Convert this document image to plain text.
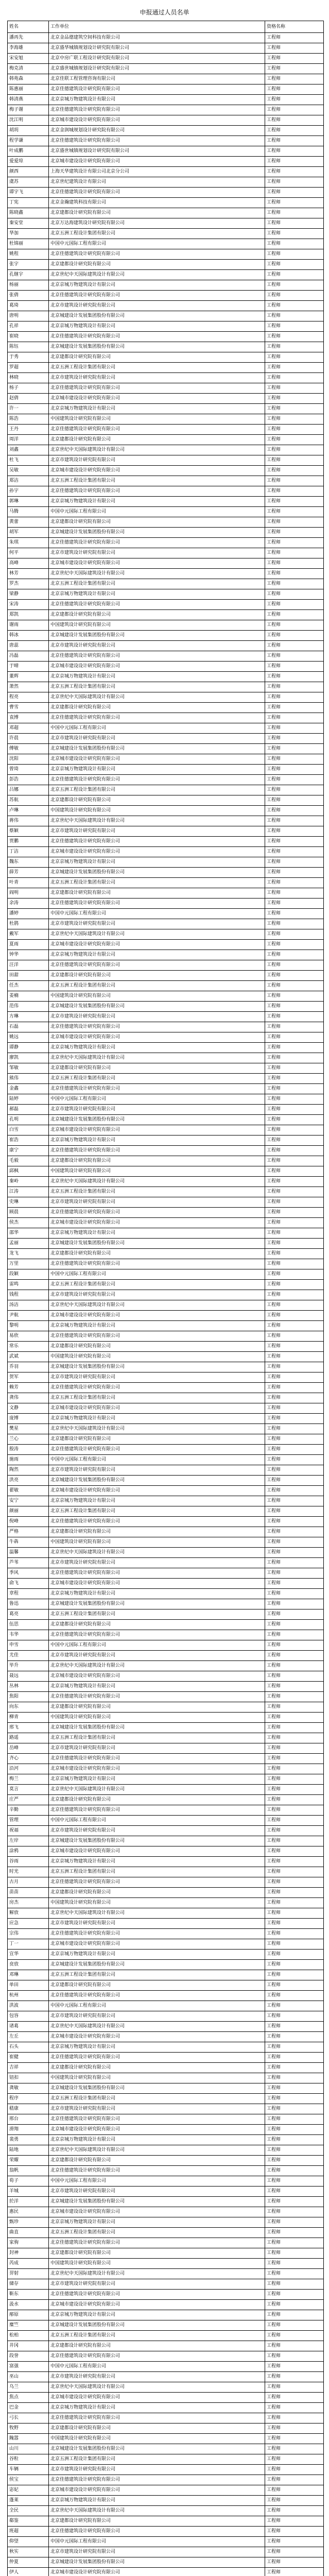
申报通过人员名单
姓名	工作单位	资格名称
潘再先	北京金品德建筑空间科技有限公司	工程师
李海雄	北京盛华城镇规划设计研究院有限公司	工程师
宋安旭	北京中房广联工程设计研究院有限公司	工程师
梅克清	北京盛世城镇规划设计研究院有限公司	工程师
韩苑森	北京佳联工程管理咨询有限公司	工程师
陈惠丽	北京佳德建筑设计研究院有限公司	工程师
韩清燕	北京京城万物建筑设计有限公司	工程师
梅子谢	北京佳德建筑设计研究院有限公司	工程师
沈江明	北京城市建设设计研究院有限公司	工程师
胡玥	北京金润城规划设计研究院有限公司	工程师
程学谦	北京佳德建筑设计研究院有限公司	工程师
叶成鹏	北京盛世城镇规划设计研究院有限公司	工程师
爱爱琼	北京城市建设设计研究院有限公司	工程师
颜西	上海天华建筑设计有限公司北京分公司	工程师
虞苏	北京世纪建筑设计有限公司	工程师
谭宇飞	北京佳德建筑设计研究院有限公司	工程师
丁宪	北京金瀚建筑科技有限公司	工程师
陈晓鑫	北京建都设计研究院有限公司	工程师
秦安堂	北京万达海建筑设计研究院有限公司	工程师
华加	北京五洲工程设计集团有限公司	工程师
杜锦丽	中国中元国际工程有限公司	工程师
姚程	北京佳德建筑设计研究院有限公司	工程师
张宇	北京建都设计研究院有限公司	工程师
孔继宇	北京世纪中天国际建筑设计有限公司	工程师
杨丽	北京京城万物建筑设计有限公司	工程师
张倩	北京佳德建筑设计研究院有限公司	工程师
葛琦	北京市建筑设计研究院有限公司	工程师
唐明	北京城建设计发展集团股份有限公司	工程师
孔祥	北京京城万物建筑设计有限公司	工程师
崔晓	北京佳德建筑设计研究院有限公司	工程师
陈钰	北京城建设计发展集团股份有限公司	工程师
于秀	北京建都设计研究院有限公司	工程师
罗超	北京五洲工程设计集团有限公司	工程师
林晓	北京市建筑设计研究院有限公司	工程师
杨子	北京佳德建筑设计研究院有限公司	工程师
赵倩	北京城市建设设计研究院有限公司	工程师
许一	北京京城万物建筑设计有限公司	工程师
陈浩	中国建筑设计研究院有限公司	工程师
王丹	北京佳德建筑设计研究院有限公司	工程师
周洋	北京建都设计研究院有限公司	工程师
刘鑫	北京世纪中天国际建筑设计有限公司	工程师
杜飞	北京市建筑设计研究院有限公司	工程师
吴敏	北京城市建设设计研究院有限公司	工程师
郑洁	北京五洲工程设计集团有限公司	工程师
孙宇	北京佳德建筑设计研究院有限公司	工程师
郭琳	北京京城万物建筑设计有限公司	工程师
马腾	中国中元国际工程有限公司	工程师
黄蕾	北京建都设计研究院有限公司	工程师
胡军	北京城建设计发展集团股份有限公司	工程师
朱琪	北京佳德建筑设计研究院有限公司	工程师
何平	北京市建筑设计研究院有限公司	工程师
高峰	北京城市建设设计研究院有限公司	工程师
林芳	北京世纪中天国际建筑设计有限公司	工程师
罗杰	北京五洲工程设计集团有限公司	工程师
梁静	北京京城万物建筑设计有限公司	工程师
宋涛	北京佳德建筑设计研究院有限公司	工程师
郑凯	北京建都设计研究院有限公司	工程师
谢雨	中国建筑设计研究院有限公司	工程师
韩冰	北京城建设计发展集团股份有限公司	工程师
唐蕊	北京市建筑设计研究院有限公司	工程师
冯磊	北京佳德建筑设计研究院有限公司	工程师
于晴	北京城市建设设计研究院有限公司	工程师
董辉	北京京城万物建筑设计有限公司	工程师
萧然	北京五洲工程设计集团有限公司	工程师
程亮	北京世纪中天国际建筑设计有限公司	工程师
曹雪	北京建都设计研究院有限公司	工程师
袁博	北京佳德建筑设计研究院有限公司	工程师
邓超	中国中元国际工程有限公司	工程师
许晨	北京市建筑设计研究院有限公司	工程师
傅敏	北京城建设计发展集团股份有限公司	工程师
沈阳	北京城市建设设计研究院有限公司	工程师
曾琦	北京京城万物建筑设计有限公司	工程师
彭浩	北京佳德建筑设计研究院有限公司	工程师
吕娜	北京五洲工程设计集团有限公司	工程师
苏航	北京建都设计研究院有限公司	工程师
卢琳	中国建筑设计研究院有限公司	工程师
蒋伟	北京世纪中天国际建筑设计有限公司	工程师
蔡颖	北京市建筑设计研究院有限公司	工程师
贾鹏	北京佳德建筑设计研究院有限公司	工程师
丁洁	北京城市建设设计研究院有限公司	工程师
魏东	北京京城万物建筑设计有限公司	工程师
薛芳	北京城建设计发展集团股份有限公司	工程师
叶青	北京五洲工程设计集团有限公司	工程师
阎明	北京建都设计研究院有限公司	工程师
余涛	北京佳德建筑设计研究院有限公司	工程师
潘婷	中国中元国际工程有限公司	工程师
杜鹃	北京市建筑设计研究院有限公司	工程师
戴军	北京世纪中天国际建筑设计有限公司	工程师
夏雨	北京城市建设设计研究院有限公司	工程师
钟华	北京京城万物建筑设计有限公司	工程师
汪洋	北京佳德建筑设计研究院有限公司	工程师
田甜	北京建都设计研究院有限公司	工程师
任杰	北京五洲工程设计集团有限公司	工程师
姜楠	中国建筑设计研究院有限公司	工程师
范伟	北京城建设计发展集团股份有限公司	工程师
方琳	北京市建筑设计研究院有限公司	工程师
石磊	北京佳德建筑设计研究院有限公司	工程师
姚远	北京城市建设设计研究院有限公司	工程师
谭静	北京京城万物建筑设计有限公司	工程师
廖凯	北京世纪中天国际建筑设计有限公司	工程师
邹敏	北京建都设计研究院有限公司	工程师
熊伟	北京五洲工程设计集团有限公司	工程师
金鑫	北京佳德建筑设计研究院有限公司	工程师
陆婷	中国中元国际工程有限公司	工程师
郝磊	北京市建筑设计研究院有限公司	工程师
孔明	北京城建设计发展集团股份有限公司	工程师
白雪	北京城市建设设计研究院有限公司	工程师
崔浩	北京京城万物建筑设计有限公司	工程师
康宁	北京佳德建筑设计研究院有限公司	工程师
毛毅	北京建都设计研究院有限公司	工程师
邱枫	中国建筑设计研究院有限公司	工程师
秦岭	北京世纪中天国际建筑设计有限公司	工程师
江涛	北京五洲工程设计集团有限公司	工程师
史琳	北京市建筑设计研究院有限公司	工程师
顾晨	北京佳德建筑设计研究院有限公司	工程师
侯杰	北京城市建设设计研究院有限公司	工程师
邵华	北京京城万物建筑设计有限公司	工程师
孟丽	北京城建设计发展集团股份有限公司	工程师
龙飞	北京建都设计研究院有限公司	工程师
万里	北京佳德建筑设计研究院有限公司	工程师
段颖	中国中元国际工程有限公司	工程师
雷鸣	北京五洲工程设计集团有限公司	工程师
钱程	北京市建筑设计研究院有限公司	工程师
汤洁	北京世纪中天国际建筑设计有限公司	工程师
尹航	北京城市建设设计研究院有限公司	工程师
黎明	北京京城万物建筑设计有限公司	工程师
易欣	北京佳德建筑设计研究院有限公司	工程师
常乐	北京建都设计研究院有限公司	工程师
武斌	中国建筑设计研究院有限公司	工程师
乔羽	北京城建设计发展集团股份有限公司	工程师
贺军	北京市建筑设计研究院有限公司	工程师
赖芳	北京佳德建筑设计研究院有限公司	工程师
龚伟	北京五洲工程设计集团有限公司	工程师
文静	北京城市建设设计研究院有限公司	工程师
庞博	北京京城万物建筑设计有限公司	工程师
樊星	北京世纪中天国际建筑设计有限公司	工程师
兰心	北京建都设计研究院有限公司	工程师
殷涛	北京佳德建筑设计研究院有限公司	工程师
施雨	中国中元国际工程有限公司	工程师
陶然	北京市建筑设计研究院有限公司	工程师
洪亮	北京城建设计发展集团股份有限公司	工程师
翟敏	北京城市建设设计研究院有限公司	工程师
安宁	北京京城万物建筑设计有限公司	工程师
颜丽	北京五洲工程设计集团有限公司	工程师
倪峰	北京佳德建筑设计研究院有限公司	工程师
严格	北京建都设计研究院有限公司	工程师
牛犇	中国建筑设计研究院有限公司	工程师
温馨	北京世纪中天国际建筑设计有限公司	工程师
芦苇	北京市建筑设计研究院有限公司	工程师
季风	北京佳德建筑设计研究院有限公司	工程师
俞飞	北京城市建设设计研究院有限公司	工程师
章程	北京京城万物建筑设计有限公司	工程师
鲁迅	北京城建设计发展集团股份有限公司	工程师
葛亮	北京五洲工程设计集团有限公司	工程师
伍思	北京建都设计研究院有限公司	工程师
韦华	北京佳德建筑设计研究院有限公司	工程师
申雪	中国中元国际工程有限公司	工程师
尤佳	北京市建筑设计研究院有限公司	工程师
毕升	北京世纪中天国际建筑设计有限公司	工程师
聂远	北京城市建设设计研究院有限公司	工程师
丛林	北京京城万物建筑设计有限公司	工程师
焦阳	北京佳德建筑设计研究院有限公司	工程师
向东	北京建都设计研究院有限公司	工程师
柳青	中国建筑设计研究院有限公司	工程师
邢飞	北京城建设计发展集团股份有限公司	工程师
路遥	北京五洲工程设计集团有限公司	工程师
岳峰	北京市建筑设计研究院有限公司	工程师
齐心	北京佳德建筑设计研究院有限公司	工程师
沿河	北京城市建设设计研究院有限公司	工程师
梅兰	北京京城万物建筑设计有限公司	工程师
莫言	北京世纪中天国际建筑设计有限公司	工程师
庄严	北京建都设计研究院有限公司	工程师
辛勤	北京佳德建筑设计研究院有限公司	工程师
管理	中国中元国际工程有限公司	工程师
祝福	北京市建筑设计研究院有限公司	工程师
左岸	北京城建设计发展集团股份有限公司	工程师
涂鸦	北京城市建设设计研究院有限公司	工程师
谷雨	北京京城万物建筑设计有限公司	工程师
时光	北京五洲工程设计集团有限公司	工程师
古月	北京佳德建筑设计研究院有限公司	工程师
苗苗	北京建都设计研究院有限公司	工程师
房杰	中国建筑设计研究院有限公司	工程师
解放	北京世纪中天国际建筑设计有限公司	工程师
应急	北京市建筑设计研究院有限公司	工程师
宗伟	北京佳德建筑设计研究院有限公司	工程师
丁一	北京城市建设设计研究院有限公司	工程师
宣华	北京京城万物建筑设计有限公司	工程师
贲放	北京城建设计发展集团股份有限公司	工程师
邓琳	北京五洲工程设计集团有限公司	工程师
单田	北京建都设计研究院有限公司	工程师
杭州	北京佳德建筑设计研究院有限公司	工程师
洪波	中国中元国际工程有限公司	工程师
包容	北京市建筑设计研究院有限公司	工程师
诸葛	北京世纪中天国际建筑设计有限公司	工程师
左丘	北京城市建设设计研究院有限公司	工程师
石头	北京京城万物建筑设计有限公司	工程师
崔健	北京佳德建筑设计研究院有限公司	工程师
吉祥	北京建都设计研究院有限公司	工程师
钮扣	中国建筑设计研究院有限公司	工程师
龚敏	北京城建设计发展集团股份有限公司	工程师
程序	北京五洲工程设计集团有限公司	工程师
嵇康	北京市建筑设计研究院有限公司	工程师
邢台	北京佳德建筑设计研究院有限公司	工程师
滑翔	北京城市建设设计研究院有限公司	工程师
裴勇	北京京城万物建筑设计有限公司	工程师
陆地	北京世纪中天国际建筑设计有限公司	工程师
荣耀	北京建都设计研究院有限公司	工程师
翁帆	北京佳德建筑设计研究院有限公司	工程师
荀子	中国中元国际工程有限公司	工程师
羊城	北京市建筑设计研究院有限公司	工程师
於洋	北京城建设计发展集团股份有限公司	工程师
惠民	北京城市建设设计研究院有限公司	工程师
甄珍	北京京城万物建筑设计有限公司	工程师
曲直	北京五洲工程设计集团有限公司	工程师
家驹	北京佳德建筑设计研究院有限公司	工程师
封神	北京建都设计研究院有限公司	工程师
芮成	中国建筑设计研究院有限公司	工程师
羿射	北京世纪中天国际建筑设计有限公司	工程师
储存	北京市建筑设计研究院有限公司	工程师
靳东	北京佳德建筑设计研究院有限公司	工程师
汲水	北京城市建设设计研究院有限公司	工程师
邴原	北京京城万物建筑设计有限公司	工程师
糜竺	北京城建设计发展集团股份有限公司	工程师
松柏	北京五洲工程设计集团有限公司	工程师
井冈	北京建都设计研究院有限公司	工程师
段誉	北京佳德建筑设计研究院有限公司	工程师
富强	中国中元国际工程有限公司	工程师
巫山	北京市建筑设计研究院有限公司	工程师
乌兰	北京世纪中天国际建筑设计有限公司	工程师
焦点	北京城市建设设计研究院有限公司	工程师
巴金	北京京城万物建筑设计有限公司	工程师
弓长	北京佳德建筑设计研究院有限公司	工程师
牧野	北京建都设计研究院有限公司	工程师
隗嚣	中国建筑设计研究院有限公司	工程师
山川	北京城建设计发展集团股份有限公司	工程师
谷粒	北京五洲工程设计集团有限公司	工程师
车辆	北京市建筑设计研究院有限公司	工程师
侯宝	北京佳德建筑设计研究院有限公司	工程师
宓妃	北京城市建设设计研究院有限公司	工程师
蓬莱	北京京城万物建筑设计有限公司	工程师
全民	北京世纪中天国际建筑设计有限公司	工程师
郗鉴	北京建都设计研究院有限公司	工程师
班超	北京佳德建筑设计研究院有限公司	工程师
仰望	中国中元国际工程有限公司	工程师
秋实	北京市建筑设计研究院有限公司	工程师
仲夏	北京城建设计发展集团股份有限公司	工程师
伊人	北京城市建设设计研究院有限公司	工程师
